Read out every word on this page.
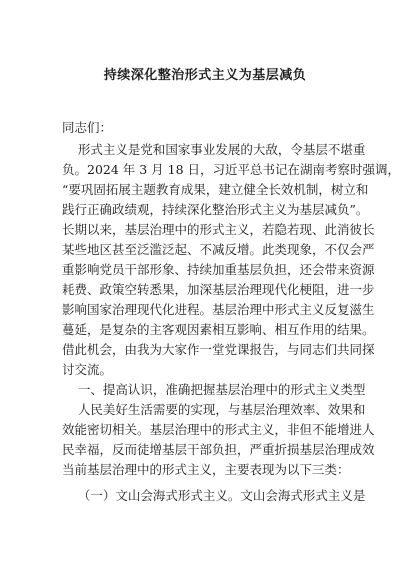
持续深化整治形式主义为基层减负
同志们：
形式主义是党和国家事业发展的大敌，令基层不堪重
负。2024 年 3 月 18 日，习近平总书记在湖南考察时强调，
“要巩固拓展主题教育成果，建立健全长效机制，树立和
践行正确政绩观，持续深化整治形式主义为基层减负”。
长期以来，基层治理中的形式主义，若隐若现、此消彼长
某些地区甚至泛滥泛起、不减反增。此类现象，不仅会严
重影响党员干部形象、持续加重基层负担，还会带来资源
耗费、政策空转悉果，加深基层治理现代化梗阻，进一步
影响国家治理现代化进程。基层治理中形式主义反复滋生
蔓延，是复杂的主客观因素相互影响、相互作用的结果。
借此机会，由我为大家作一堂党课报告，与同志们共同探
讨交流。
一、提高认识，准确把握基层治理中的形式主义类型
人民美好生活需要的实现，与基层治理效率、效果和
效能密切相关。基层治理中的形式主义，非但不能增进人
民幸福，反而徒增基层干部负担，严重折损基层治理成效
当前基层治理中的形式主义，主要表现为以下三类：
（一）文山会海式形式主义。文山会海式形式主义是
